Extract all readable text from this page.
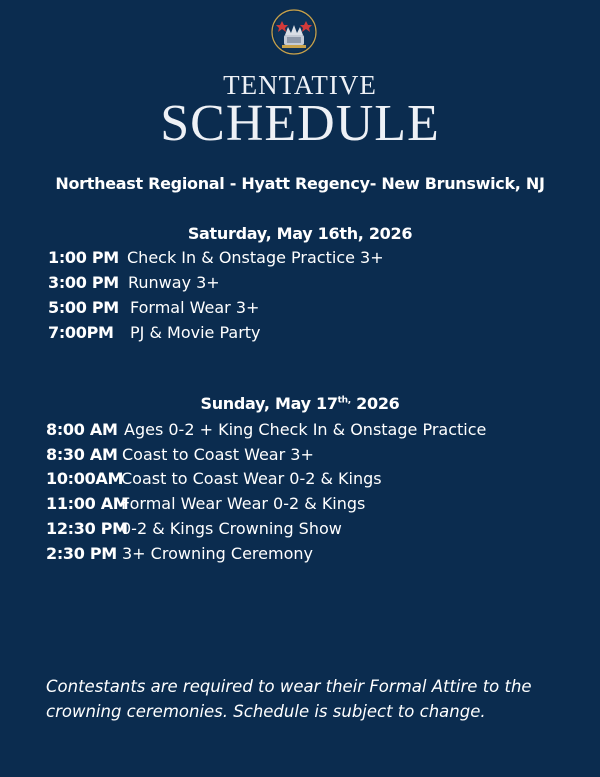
TENTATIVE
SCHEDULE
Northeast Regional - Hyatt Regency- New Brunswick, NJ
Saturday, May 16th, 2026
1:00 PM Check In & Onstage Practice 3+
3:00 PM Runway 3+
5:00 PM Formal Wear 3+
7:00PM PJ & Movie Party
Sunday, May $17^{th,}$ 2026
8:00 AM Ages 0-2 + King Check In & Onstage Practice
8:30 AM Coast to Coast Wear 3+
10:00AM
Coast to Coast Wear 0-2 & Kings
11:00 AM
Formal Wear Wear 0-2 & Kings
12:30 PM
0-2 & Kings Crowning Show
2:30 PM 3+ Crowning Ceremony
Contestants are required to wear their Formal Attire to the crowning ceremonies. Schedule is subject to change.
